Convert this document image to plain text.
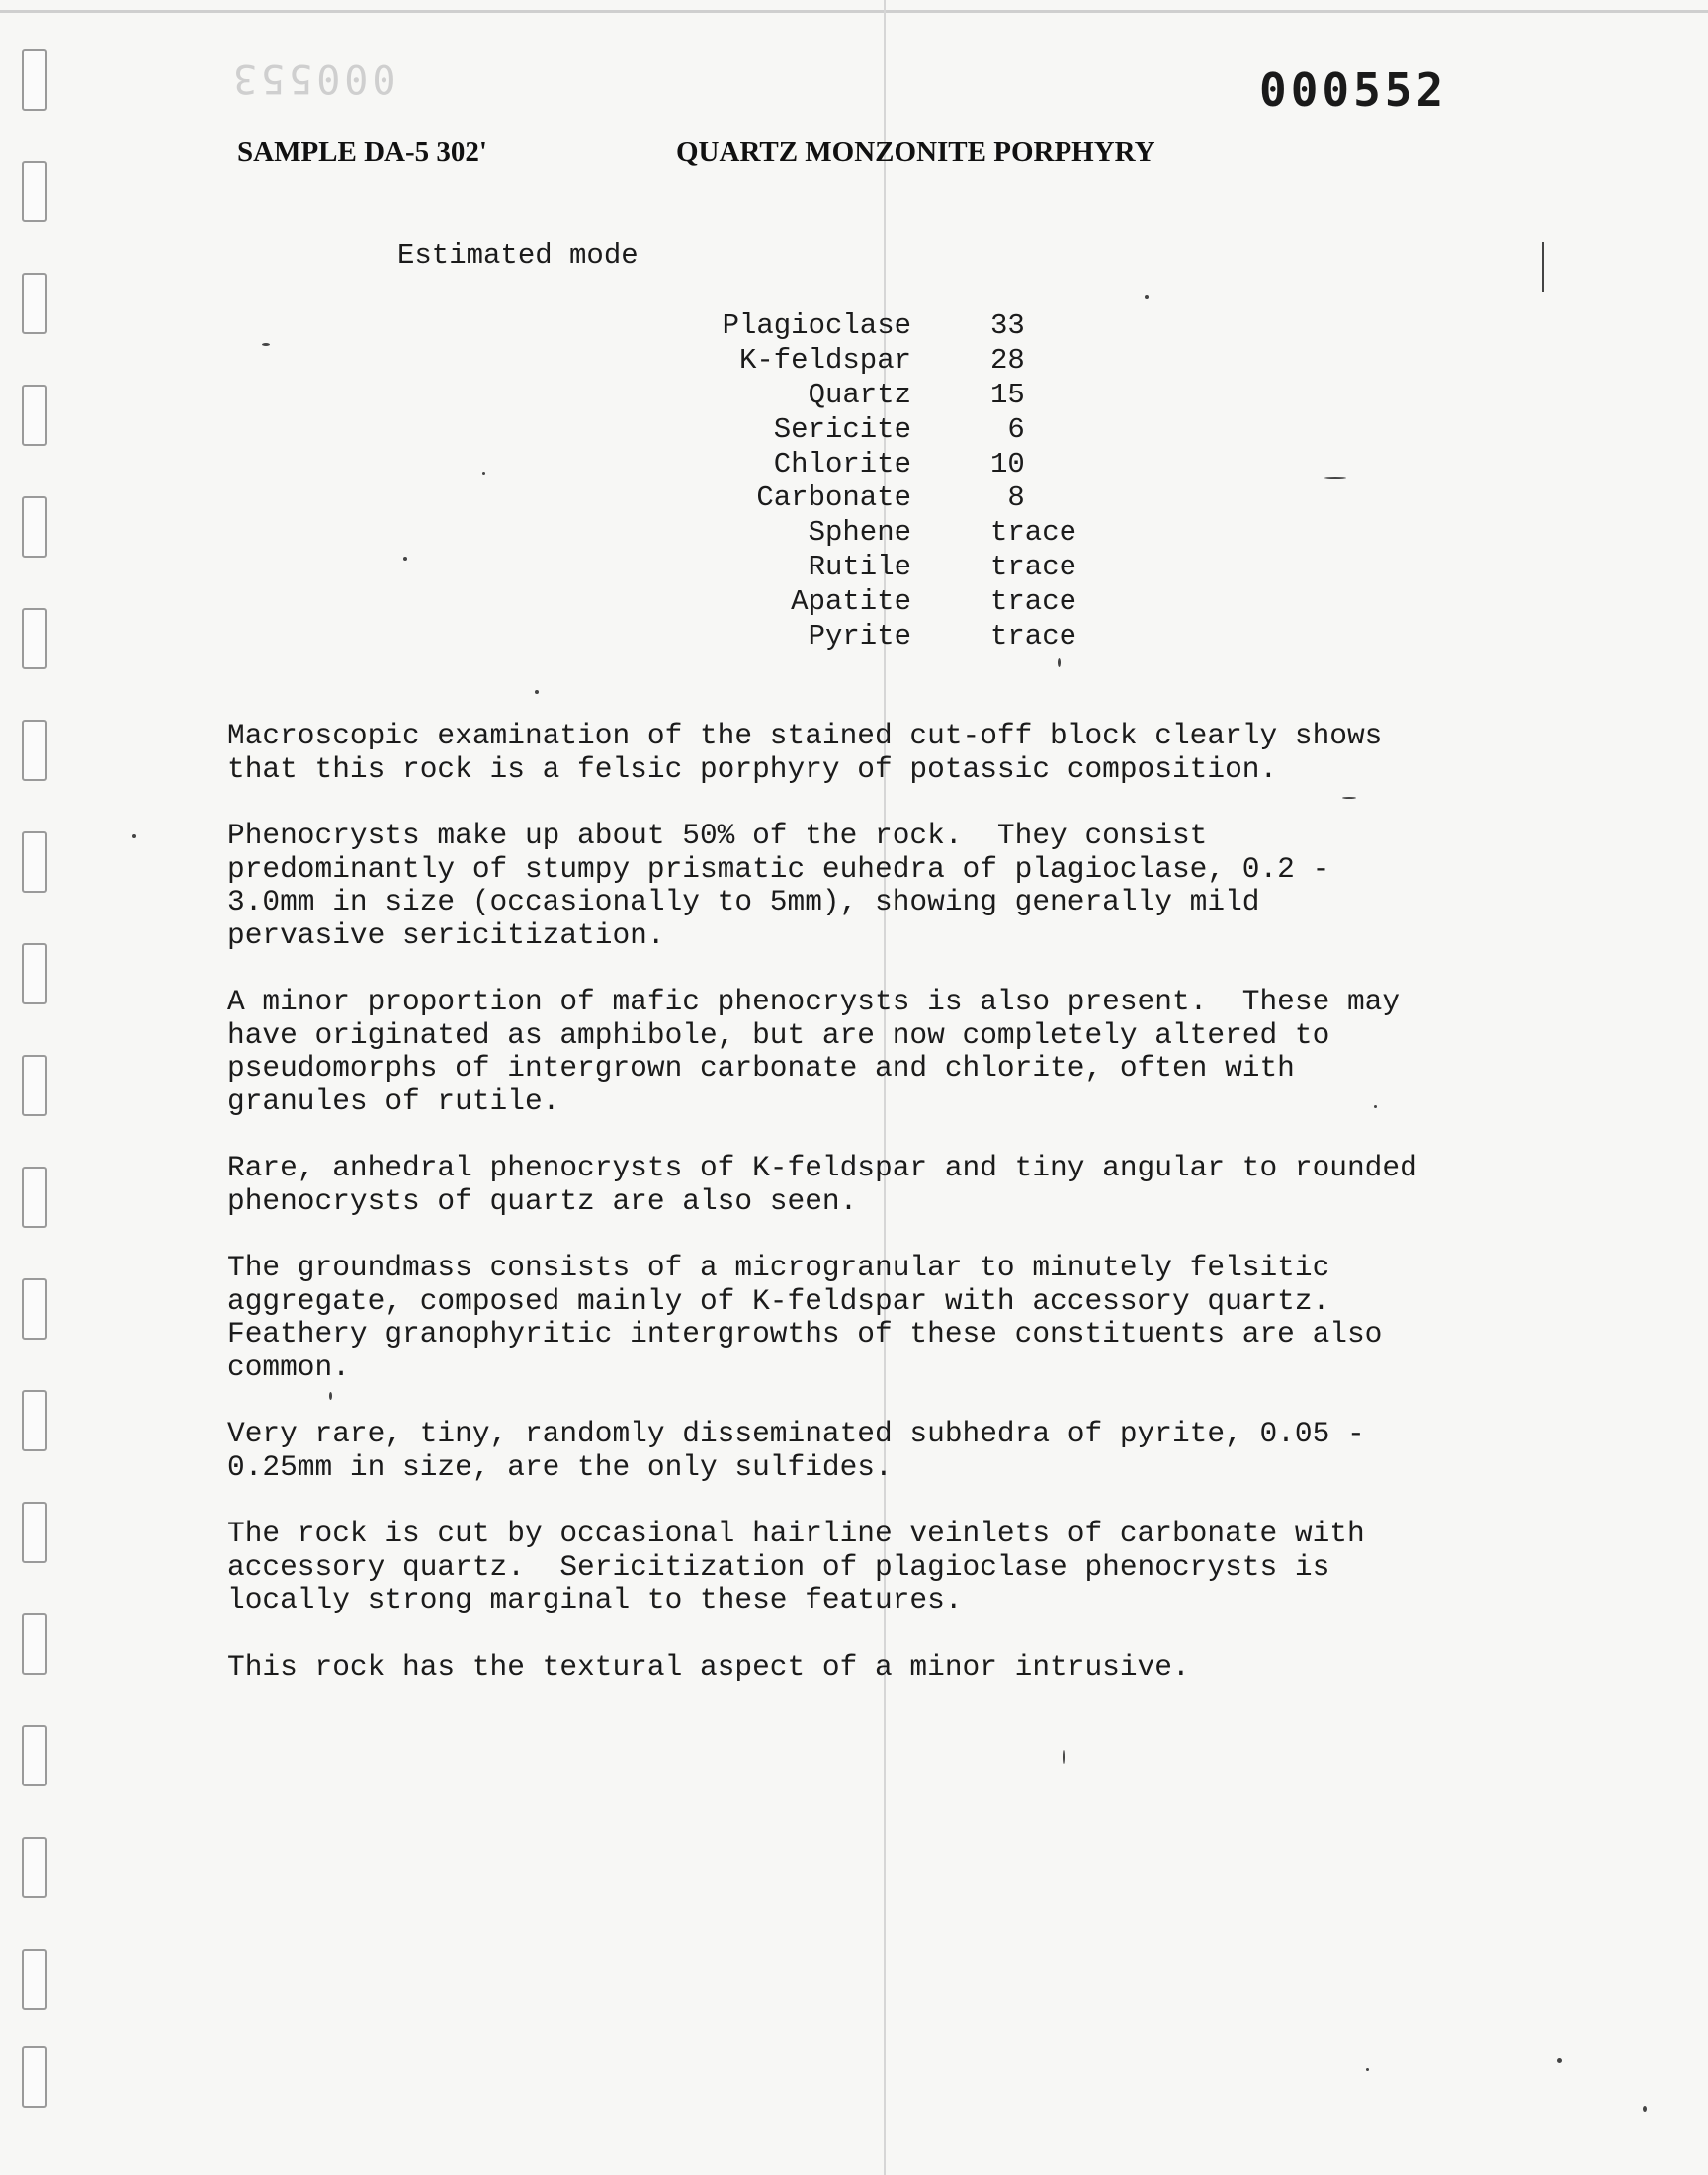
000553	000552
SAMPLE DA-5 302'	QUARTZ MONZONITE PORPHYRY
Estimated mode
Plagioclase	33
K-feldspar	28
Quartz	15
Sericite	6
Chlorite	10
Carbonate	8
Sphene	trace
Rutile	trace
Apatite	trace
Pyrite	trace

Macroscopic examination of the stained cut-off block clearly shows
that this rock is a felsic porphyry of potassic composition.

Phenocrysts make up about 50% of the rock.  They consist
predominantly of stumpy prismatic euhedra of plagioclase, 0.2 -
3.0mm in size (occasionally to 5mm), showing generally mild
pervasive sericitization.

A minor proportion of mafic phenocrysts is also present.  These may
have originated as amphibole, but are now completely altered to
pseudomorphs of intergrown carbonate and chlorite, often with
granules of rutile.

Rare, anhedral phenocrysts of K-feldspar and tiny angular to rounded
phenocrysts of quartz are also seen.

The groundmass consists of a microgranular to minutely felsitic
aggregate, composed mainly of K-feldspar with accessory quartz.
Feathery granophyritic intergrowths of these constituents are also
common.

Very rare, tiny, randomly disseminated subhedra of pyrite, 0.05 -
0.25mm in size, are the only sulfides.

The rock is cut by occasional hairline veinlets of carbonate with
accessory quartz.  Sericitization of plagioclase phenocrysts is
locally strong marginal to these features.

This rock has the textural aspect of a minor intrusive.
